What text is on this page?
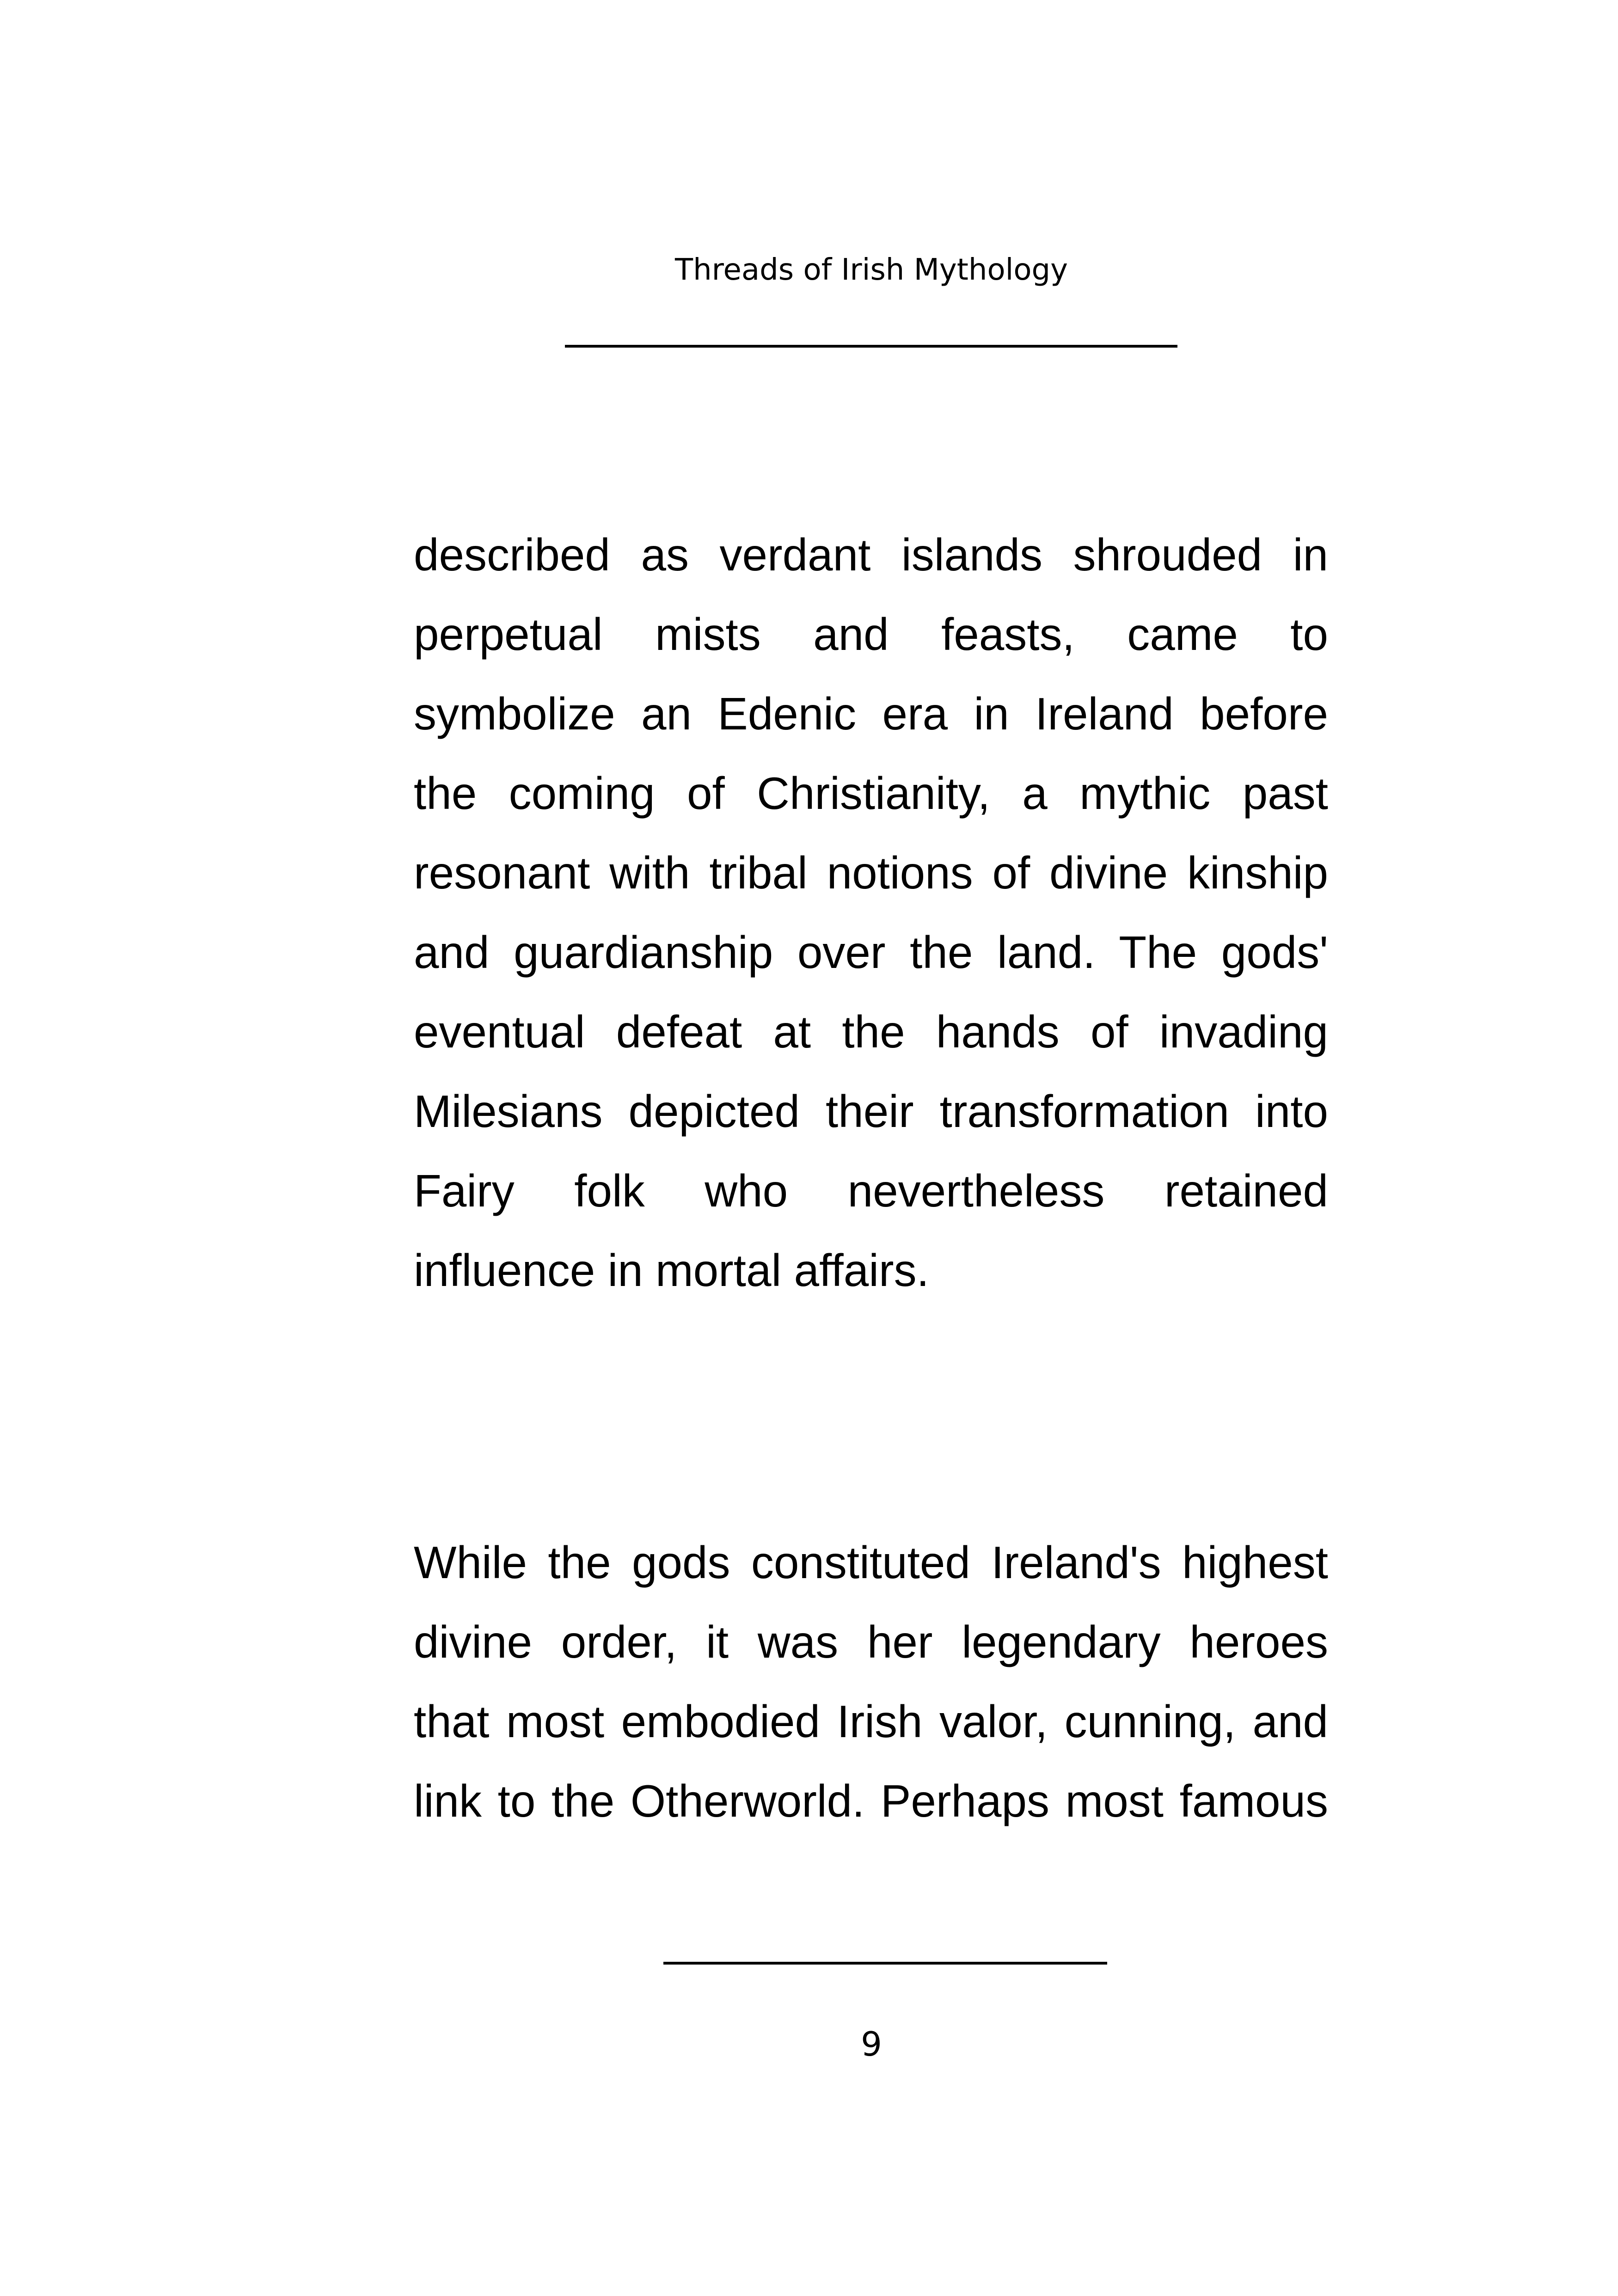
Threads of Irish Mythology
described as verdant islands shrouded in
perpetual mists and feasts, came to
symbolize an Edenic era in Ireland before
the coming of Christianity, a mythic past
resonant with tribal notions of divine kinship
and guardianship over the land. The gods'
eventual defeat at the hands of invading
Milesians depicted their transformation into
Fairy folk who nevertheless retained
influence in mortal affairs.
While the gods constituted Ireland's highest
divine order, it was her legendary heroes
that most embodied Irish valor, cunning, and
link to the Otherworld. Perhaps most famous
9
